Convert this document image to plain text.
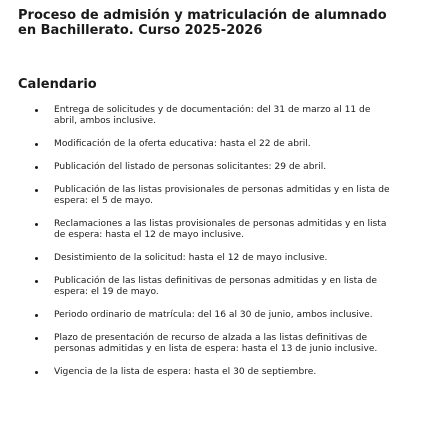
Proceso de admisión y matriculación de alumnado en Bachillerato. Curso 2025-2026
Calendario
Entrega de solicitudes y de documentación: del 31 de marzo al 11 de abril, ambos inclusive.
Modificación de la oferta educativa: hasta el 22 de abril.
Publicación del listado de personas solicitantes: 29 de abril.
Publicación de las listas provisionales de personas admitidas y en lista de espera: el 5 de mayo.
Reclamaciones a las listas provisionales de personas admitidas y en lista de espera: hasta el 12 de mayo inclusive.
Desistimiento de la solicitud: hasta el 12 de mayo inclusive.
Publicación de las listas definitivas de personas admitidas y en lista de espera: el 19 de mayo.
Periodo ordinario de matrícula: del 16 al 30 de junio, ambos inclusive.
Plazo de presentación de recurso de alzada a las listas definitivas de personas admitidas y en lista de espera: hasta el 13 de junio inclusive.
Vigencia de la lista de espera: hasta el 30 de septiembre.
